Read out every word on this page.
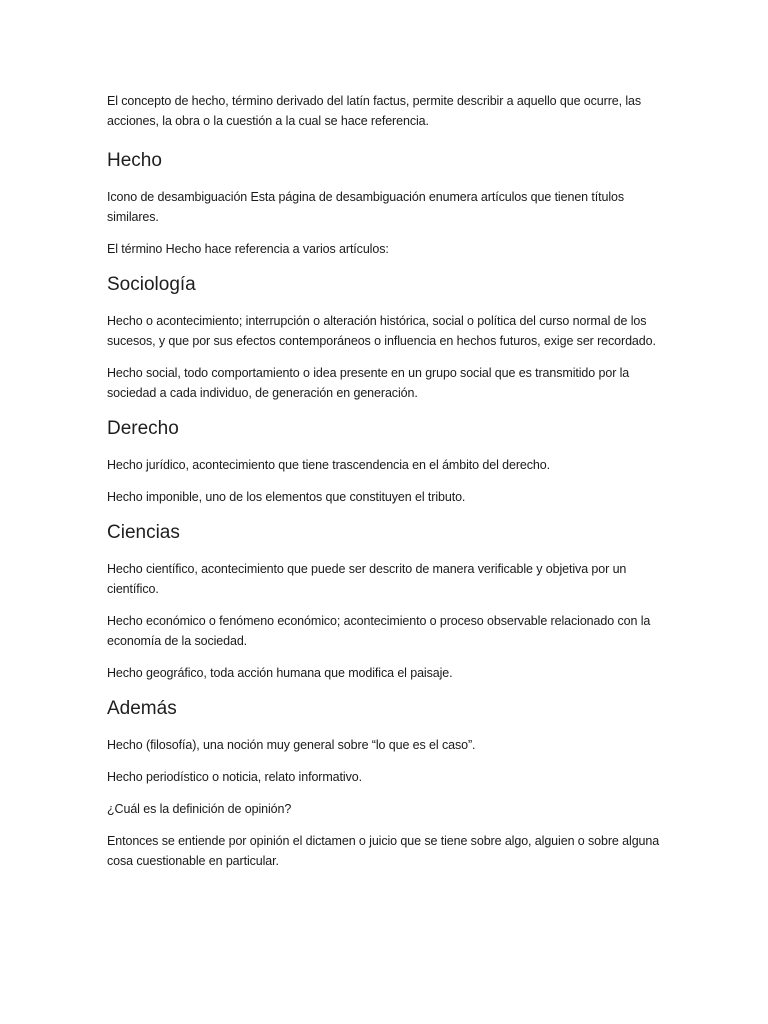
El concepto de hecho, término derivado del latín factus, permite describir a aquello que ocurre, las acciones, la obra o la cuestión a la cual se hace referencia.

Hecho

Icono de desambiguación Esta página de desambiguación enumera artículos que tienen títulos similares.

El término Hecho hace referencia a varios artículos:

Sociología

Hecho o acontecimiento; interrupción o alteración histórica, social o política del curso normal de los sucesos, y que por sus efectos contemporáneos o influencia en hechos futuros, exige ser recordado.

Hecho social, todo comportamiento o idea presente en un grupo social que es transmitido por la sociedad a cada individuo, de generación en generación.

Derecho

Hecho jurídico, acontecimiento que tiene trascendencia en el ámbito del derecho.

Hecho imponible, uno de los elementos que constituyen el tributo.

Ciencias

Hecho científico, acontecimiento que puede ser descrito de manera verificable y objetiva por un científico.

Hecho económico o fenómeno económico; acontecimiento o proceso observable relacionado con la economía de la sociedad.

Hecho geográfico, toda acción humana que modifica el paisaje.

Además

Hecho (filosofía), una noción muy general sobre “lo que es el caso”.

Hecho periodístico o noticia, relato informativo.

¿Cuál es la definición de opinión?

Entonces se entiende por opinión el dictamen o juicio que se tiene sobre algo, alguien o sobre alguna cosa cuestionable en particular.
